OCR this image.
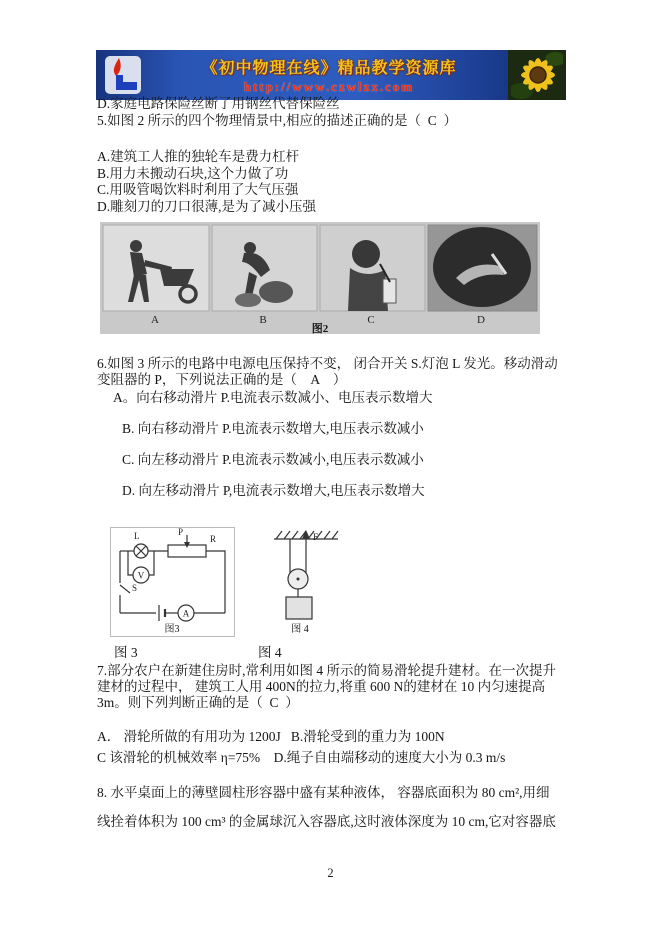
《初中物理在线》精品教学资源库
http://www.czwlzx.com
D.家庭电路保险丝断了用钢丝代替保险丝
5.如图 2 所示的四个物理情景中,相应的描述正确的是（  C  ）
A.建筑工人推的独轮车是费力杠杆
B.用力未搬动石块,这个力做了功
C.用吸管喝饮料时利用了大气压强
D.雕刻刀的刀口很薄,是为了减小压强
A	B	C	D
图2
6.如图 3 所示的电路中电源电压保持不变， 闭合开关 S.灯泡 L 发光。移动滑动
变阻器的 P，下列说法正确的是（    A    ）
A。向右移动滑片 P.电流表示数减小、电压表示数增大
B. 向右移动滑片 P.电流表示数增大,电压表示数减小
C. 向左移动滑片 P.电流表示数减小,电压表示数减小
D. 向左移动滑片 P,电流表示数增大,电压表示数增大
L	P
R
S
V
A
图3
F
图 4
图 3	图 4
7.部分农户在新建住房时,常利用如图 4 所示的简易滑轮提升建材。在一次提升
建材的过程中， 建筑工人用 400N的拉力,将重 600 N的建材在 10 内匀速提高
3m。则下列判断正确的是（  C  ）
A． 滑轮所做的有用功为 1200J   B.滑轮受到的重力为 100N
C 该滑轮的机械效率 η=75%    D.绳子自由端移动的速度大小为 0.3 m/s
8. 水平桌面上的薄壁圆柱形容器中盛有某种液体， 容器底面积为 80 cm²,用细
线拴着体积为 100 cm³ 的金属球沉入容器底,这时液体深度为 10 cm,它对容器底
2
